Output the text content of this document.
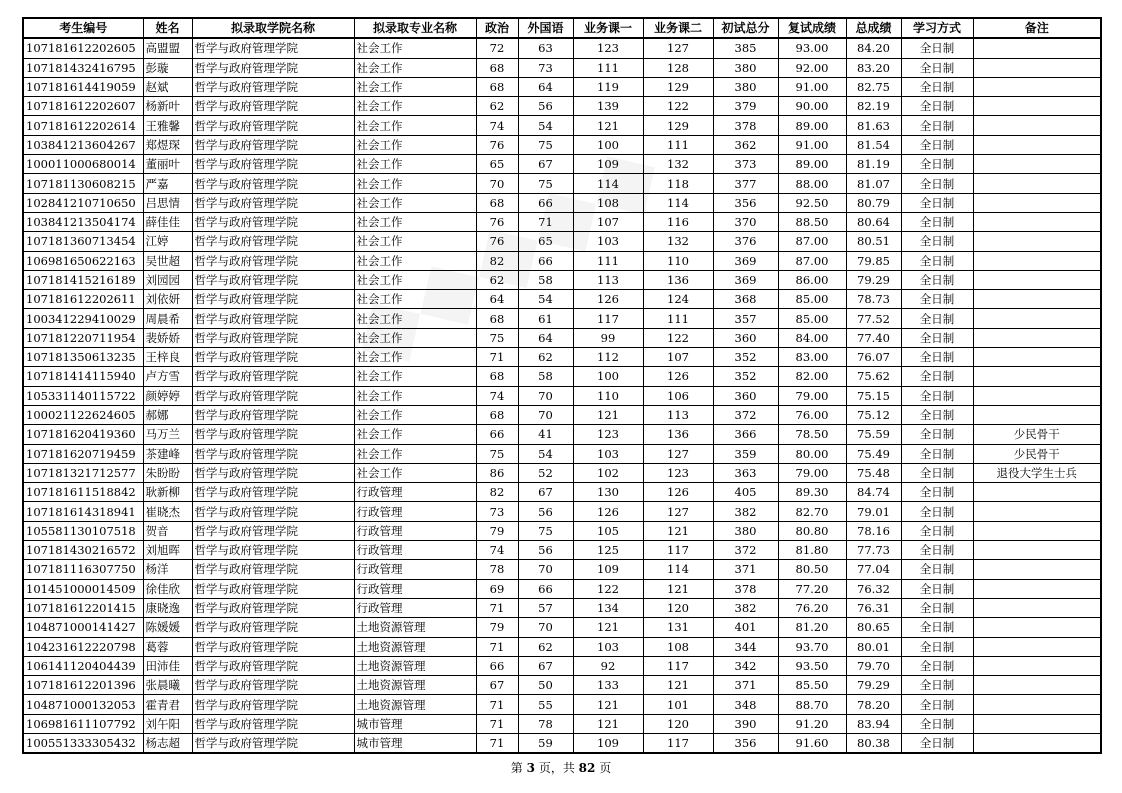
考生编号	姓名	拟录取学院名称	拟录取专业名称	政治	外国语	业务课一	业务课二	初试总分	复试成绩	总成绩	学习方式	备注
107181612202605	高盟盟	哲学与政府管理学院	社会工作	72	63	123	127	385	93.00	84.20	全日制	
107181432416795	彭璇	哲学与政府管理学院	社会工作	68	73	111	128	380	92.00	83.20	全日制	
107181614419059	赵斌	哲学与政府管理学院	社会工作	68	64	119	129	380	91.00	82.75	全日制	
107181612202607	杨新叶	哲学与政府管理学院	社会工作	62	56	139	122	379	90.00	82.19	全日制	
107181612202614	王雅馨	哲学与政府管理学院	社会工作	74	54	121	129	378	89.00	81.63	全日制	
103841213604267	郑煜琛	哲学与政府管理学院	社会工作	76	75	100	111	362	91.00	81.54	全日制	
100011000680014	董丽叶	哲学与政府管理学院	社会工作	65	67	109	132	373	89.00	81.19	全日制	
107181130608215	严嘉	哲学与政府管理学院	社会工作	70	75	114	118	377	88.00	81.07	全日制	
102841210710650	吕思情	哲学与政府管理学院	社会工作	68	66	108	114	356	92.50	80.79	全日制	
103841213504174	薛佳佳	哲学与政府管理学院	社会工作	76	71	107	116	370	88.50	80.64	全日制	
107181360713454	江婷	哲学与政府管理学院	社会工作	76	65	103	132	376	87.00	80.51	全日制	
106981650622163	吴世超	哲学与政府管理学院	社会工作	82	66	111	110	369	87.00	79.85	全日制	
107181415216189	刘园园	哲学与政府管理学院	社会工作	62	58	113	136	369	86.00	79.29	全日制	
107181612202611	刘依妍	哲学与政府管理学院	社会工作	64	54	126	124	368	85.00	78.73	全日制	
100341229410029	周晨希	哲学与政府管理学院	社会工作	68	61	117	111	357	85.00	77.52	全日制	
107181220711954	裴娇娇	哲学与政府管理学院	社会工作	75	64	99	122	360	84.00	77.40	全日制	
107181350613235	王梓良	哲学与政府管理学院	社会工作	71	62	112	107	352	83.00	76.07	全日制	
107181414115940	卢方雪	哲学与政府管理学院	社会工作	68	58	100	126	352	82.00	75.62	全日制	
105331140115722	颜婷婷	哲学与政府管理学院	社会工作	74	70	110	106	360	79.00	75.15	全日制	
100021122624605	郝娜	哲学与政府管理学院	社会工作	68	70	121	113	372	76.00	75.12	全日制	
107181620419360	马万兰	哲学与政府管理学院	社会工作	66	41	123	136	366	78.50	75.59	全日制	少民骨干
107181620719459	茶建峰	哲学与政府管理学院	社会工作	75	54	103	127	359	80.00	75.49	全日制	少民骨干
107181321712577	朱盼盼	哲学与政府管理学院	社会工作	86	52	102	123	363	79.00	75.48	全日制	退役大学生士兵
107181611518842	耿新柳	哲学与政府管理学院	行政管理	82	67	130	126	405	89.30	84.74	全日制	
107181614318941	崔晓杰	哲学与政府管理学院	行政管理	73	56	126	127	382	82.70	79.01	全日制	
105581130107518	贺音	哲学与政府管理学院	行政管理	79	75	105	121	380	80.80	78.16	全日制	
107181430216572	刘旭晖	哲学与政府管理学院	行政管理	74	56	125	117	372	81.80	77.73	全日制	
107181116307750	杨洋	哲学与政府管理学院	行政管理	78	70	109	114	371	80.50	77.04	全日制	
101451000014509	徐佳欣	哲学与政府管理学院	行政管理	69	66	122	121	378	77.20	76.32	全日制	
107181612201415	康晓逸	哲学与政府管理学院	行政管理	71	57	134	120	382	76.20	76.31	全日制	
104871000141427	陈媛媛	哲学与政府管理学院	土地资源管理	79	70	121	131	401	81.20	80.65	全日制	
104231612220798	葛蓉	哲学与政府管理学院	土地资源管理	71	62	103	108	344	93.70	80.01	全日制	
106141120404439	田沛佳	哲学与政府管理学院	土地资源管理	66	67	92	117	342	93.50	79.70	全日制	
107181612201396	张晨曦	哲学与政府管理学院	土地资源管理	67	50	133	121	371	85.50	79.29	全日制	
104871000132053	霍青君	哲学与政府管理学院	土地资源管理	71	55	121	101	348	88.70	78.20	全日制	
106981611107792	刘午阳	哲学与政府管理学院	城市管理	71	78	121	120	390	91.20	83.94	全日制	
100551333305432	杨志超	哲学与政府管理学院	城市管理	71	59	109	117	356	91.60	80.38	全日制	
第 3 页，共 82 页
